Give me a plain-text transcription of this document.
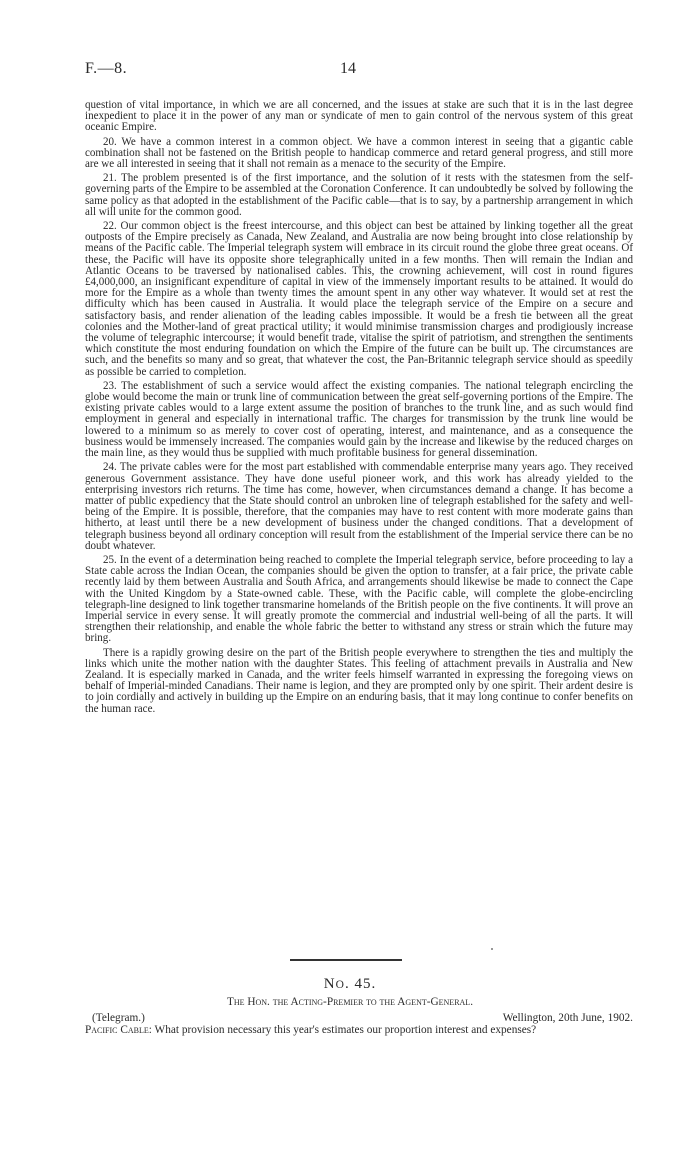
F.—8.	14

question of vital importance, in which we are all concerned, and the issues at stake are such that it is in the last degree inexpedient to place it in the power of any man or syndicate of men to gain control of the nervous system of this great oceanic Empire.

20. We have a common interest in a common object. We have a common interest in seeing that a gigantic cable combination shall not be fastened on the British people to handicap commerce and retard general progress, and still more are we all interested in seeing that it shall not remain as a menace to the security of the Empire.

21. The problem presented is of the first importance, and the solution of it rests with the statesmen from the self-governing parts of the Empire to be assembled at the Coronation Conference. It can undoubtedly be solved by following the same policy as that adopted in the establishment of the Pacific cable—that is to say, by a partnership arrangement in which all will unite for the common good.

22. Our common object is the freest intercourse, and this object can best be attained by linking together all the great outposts of the Empire precisely as Canada, New Zealand, and Australia are now being brought into close relationship by means of the Pacific cable. The Imperial telegraph system will embrace in its circuit round the globe three great oceans. Of these, the Pacific will have its opposite shore telegraphically united in a few months. Then will remain the Indian and Atlantic Oceans to be traversed by nationalised cables. This, the crowning achievement, will cost in round figures £4,000,000, an insignificant expenditure of capital in view of the immensely important results to be attained. It would do more for the Empire as a whole than twenty times the amount spent in any other way whatever. It would set at rest the difficulty which has been caused in Australia. It would place the telegraph service of the Empire on a secure and satisfactory basis, and render alienation of the leading cables impossible. It would be a fresh tie between all the great colonies and the Mother-land of great practical utility; it would minimise transmission charges and prodigiously increase the volume of telegraphic intercourse; it would benefit trade, vitalise the spirit of patriotism, and strengthen the sentiments which constitute the most enduring foundation on which the Empire of the future can be built up. The circumstances are such, and the benefits so many and so great, that whatever the cost, the Pan-Britannic telegraph service should as speedily as possible be carried to completion.

23. The establishment of such a service would affect the existing companies. The national telegraph encircling the globe would become the main or trunk line of communication between the great self-governing portions of the Empire. The existing private cables would to a large extent assume the position of branches to the trunk line, and as such would find employment in general and especially in international traffic. The charges for transmission by the trunk line would be lowered to a minimum so as merely to cover cost of operating, interest, and maintenance, and as a consequence the business would be immensely increased. The companies would gain by the increase and likewise by the reduced charges on the main line, as they would thus be supplied with much profitable business for general dissemination.

24. The private cables were for the most part established with commendable enterprise many years ago. They received generous Government assistance. They have done useful pioneer work, and this work has already yielded to the enterprising investors rich returns. The time has come, however, when circumstances demand a change. It has become a matter of public expediency that the State should control an unbroken line of telegraph established for the safety and well-being of the Empire. It is possible, therefore, that the companies may have to rest content with more moderate gains than hitherto, at least until there be a new development of business under the changed conditions. That a development of telegraph business beyond all ordinary conception will result from the establishment of the Imperial service there can be no doubt whatever.

25. In the event of a determination being reached to complete the Imperial telegraph service, before proceeding to lay a State cable across the Indian Ocean, the companies should be given the option to transfer, at a fair price, the private cable recently laid by them between Australia and South Africa, and arrangements should likewise be made to connect the Cape with the United Kingdom by a State-owned cable. These, with the Pacific cable, will complete the globe-encircling telegraph-line designed to link together transmarine homelands of the British people on the five continents. It will prove an Imperial service in every sense. It will greatly promote the commercial and industrial well-being of all the parts. It will strengthen their relationship, and enable the whole fabric the better to withstand any stress or strain which the future may bring.

There is a rapidly growing desire on the part of the British people everywhere to strengthen the ties and multiply the links which unite the mother nation with the daughter States. This feeling of attachment prevails in Australia and New Zealand. It is especially marked in Canada, and the writer feels himself warranted in expressing the foregoing views on behalf of Imperial-minded Canadians. Their name is legion, and they are prompted only by one spirit. Their ardent desire is to join cordially and actively in building up the Empire on an enduring basis, that it may long continue to confer benefits on the human race.

NO. 45.
The Hon. the Acting-Premier to the Agent-General.
(Telegram.)	Wellington, 20th June, 1902.
Pacific Cable: What provision necessary this year's estimates our proportion interest and expenses?
